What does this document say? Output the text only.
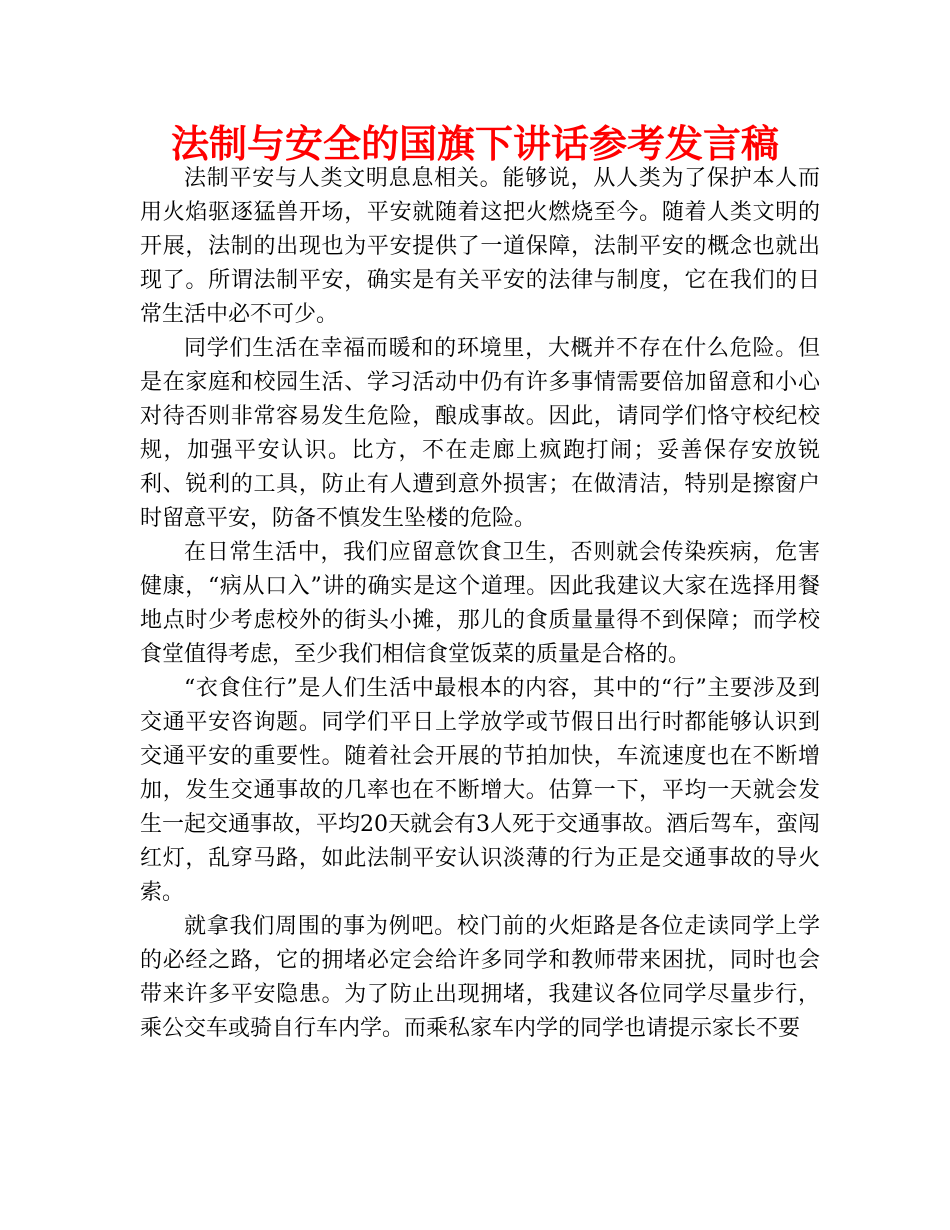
法制与安全的国旗下讲话参考发言稿

法制平安与人类文明息息相关。能够说，从人类为了保护本人而用火焰驱逐猛兽开场，平安就随着这把火燃烧至今。随着人类文明的开展，法制的出现也为平安提供了一道保障，法制平安的概念也就出现了。所谓法制平安，确实是有关平安的法律与制度，它在我们的日常生活中必不可少。

同学们生活在幸福而暖和的环境里，大概并不存在什么危险。但是在家庭和校园生活、学习活动中仍有许多事情需要倍加留意和小心对待否则非常容易发生危险，酿成事故。因此，请同学们恪守校纪校规，加强平安认识。比方，不在走廊上疯跑打闹；妥善保存安放锐利、锐利的工具，防止有人遭到意外损害；在做清洁，特别是擦窗户时留意平安，防备不慎发生坠楼的危险。

在日常生活中，我们应留意饮食卫生，否则就会传染疾病，危害健康，“病从口入”讲的确实是这个道理。因此我建议大家在选择用餐地点时少考虑校外的街头小摊，那儿的食质量量得不到保障；而学校食堂值得考虑，至少我们相信食堂饭菜的质量是合格的。

“衣食住行”是人们生活中最根本的内容，其中的“行”主要涉及到交通平安咨询题。同学们平日上学放学或节假日出行时都能够认识到交通平安的重要性。随着社会开展的节拍加快，车流速度也在不断增加，发生交通事故的几率也在不断增大。估算一下，平均一天就会发生一起交通事故，平均20天就会有3人死于交通事故。酒后驾车，蛮闯红灯，乱穿马路，如此法制平安认识淡薄的行为正是交通事故的导火索。

就拿我们周围的事为例吧。校门前的火炬路是各位走读同学上学的必经之路，它的拥堵必定会给许多同学和教师带来困扰，同时也会带来许多平安隐患。为了防止出现拥堵，我建议各位同学尽量步行，乘公交车或骑自行车内学。而乘私家车内学的同学也请提示家长不要
